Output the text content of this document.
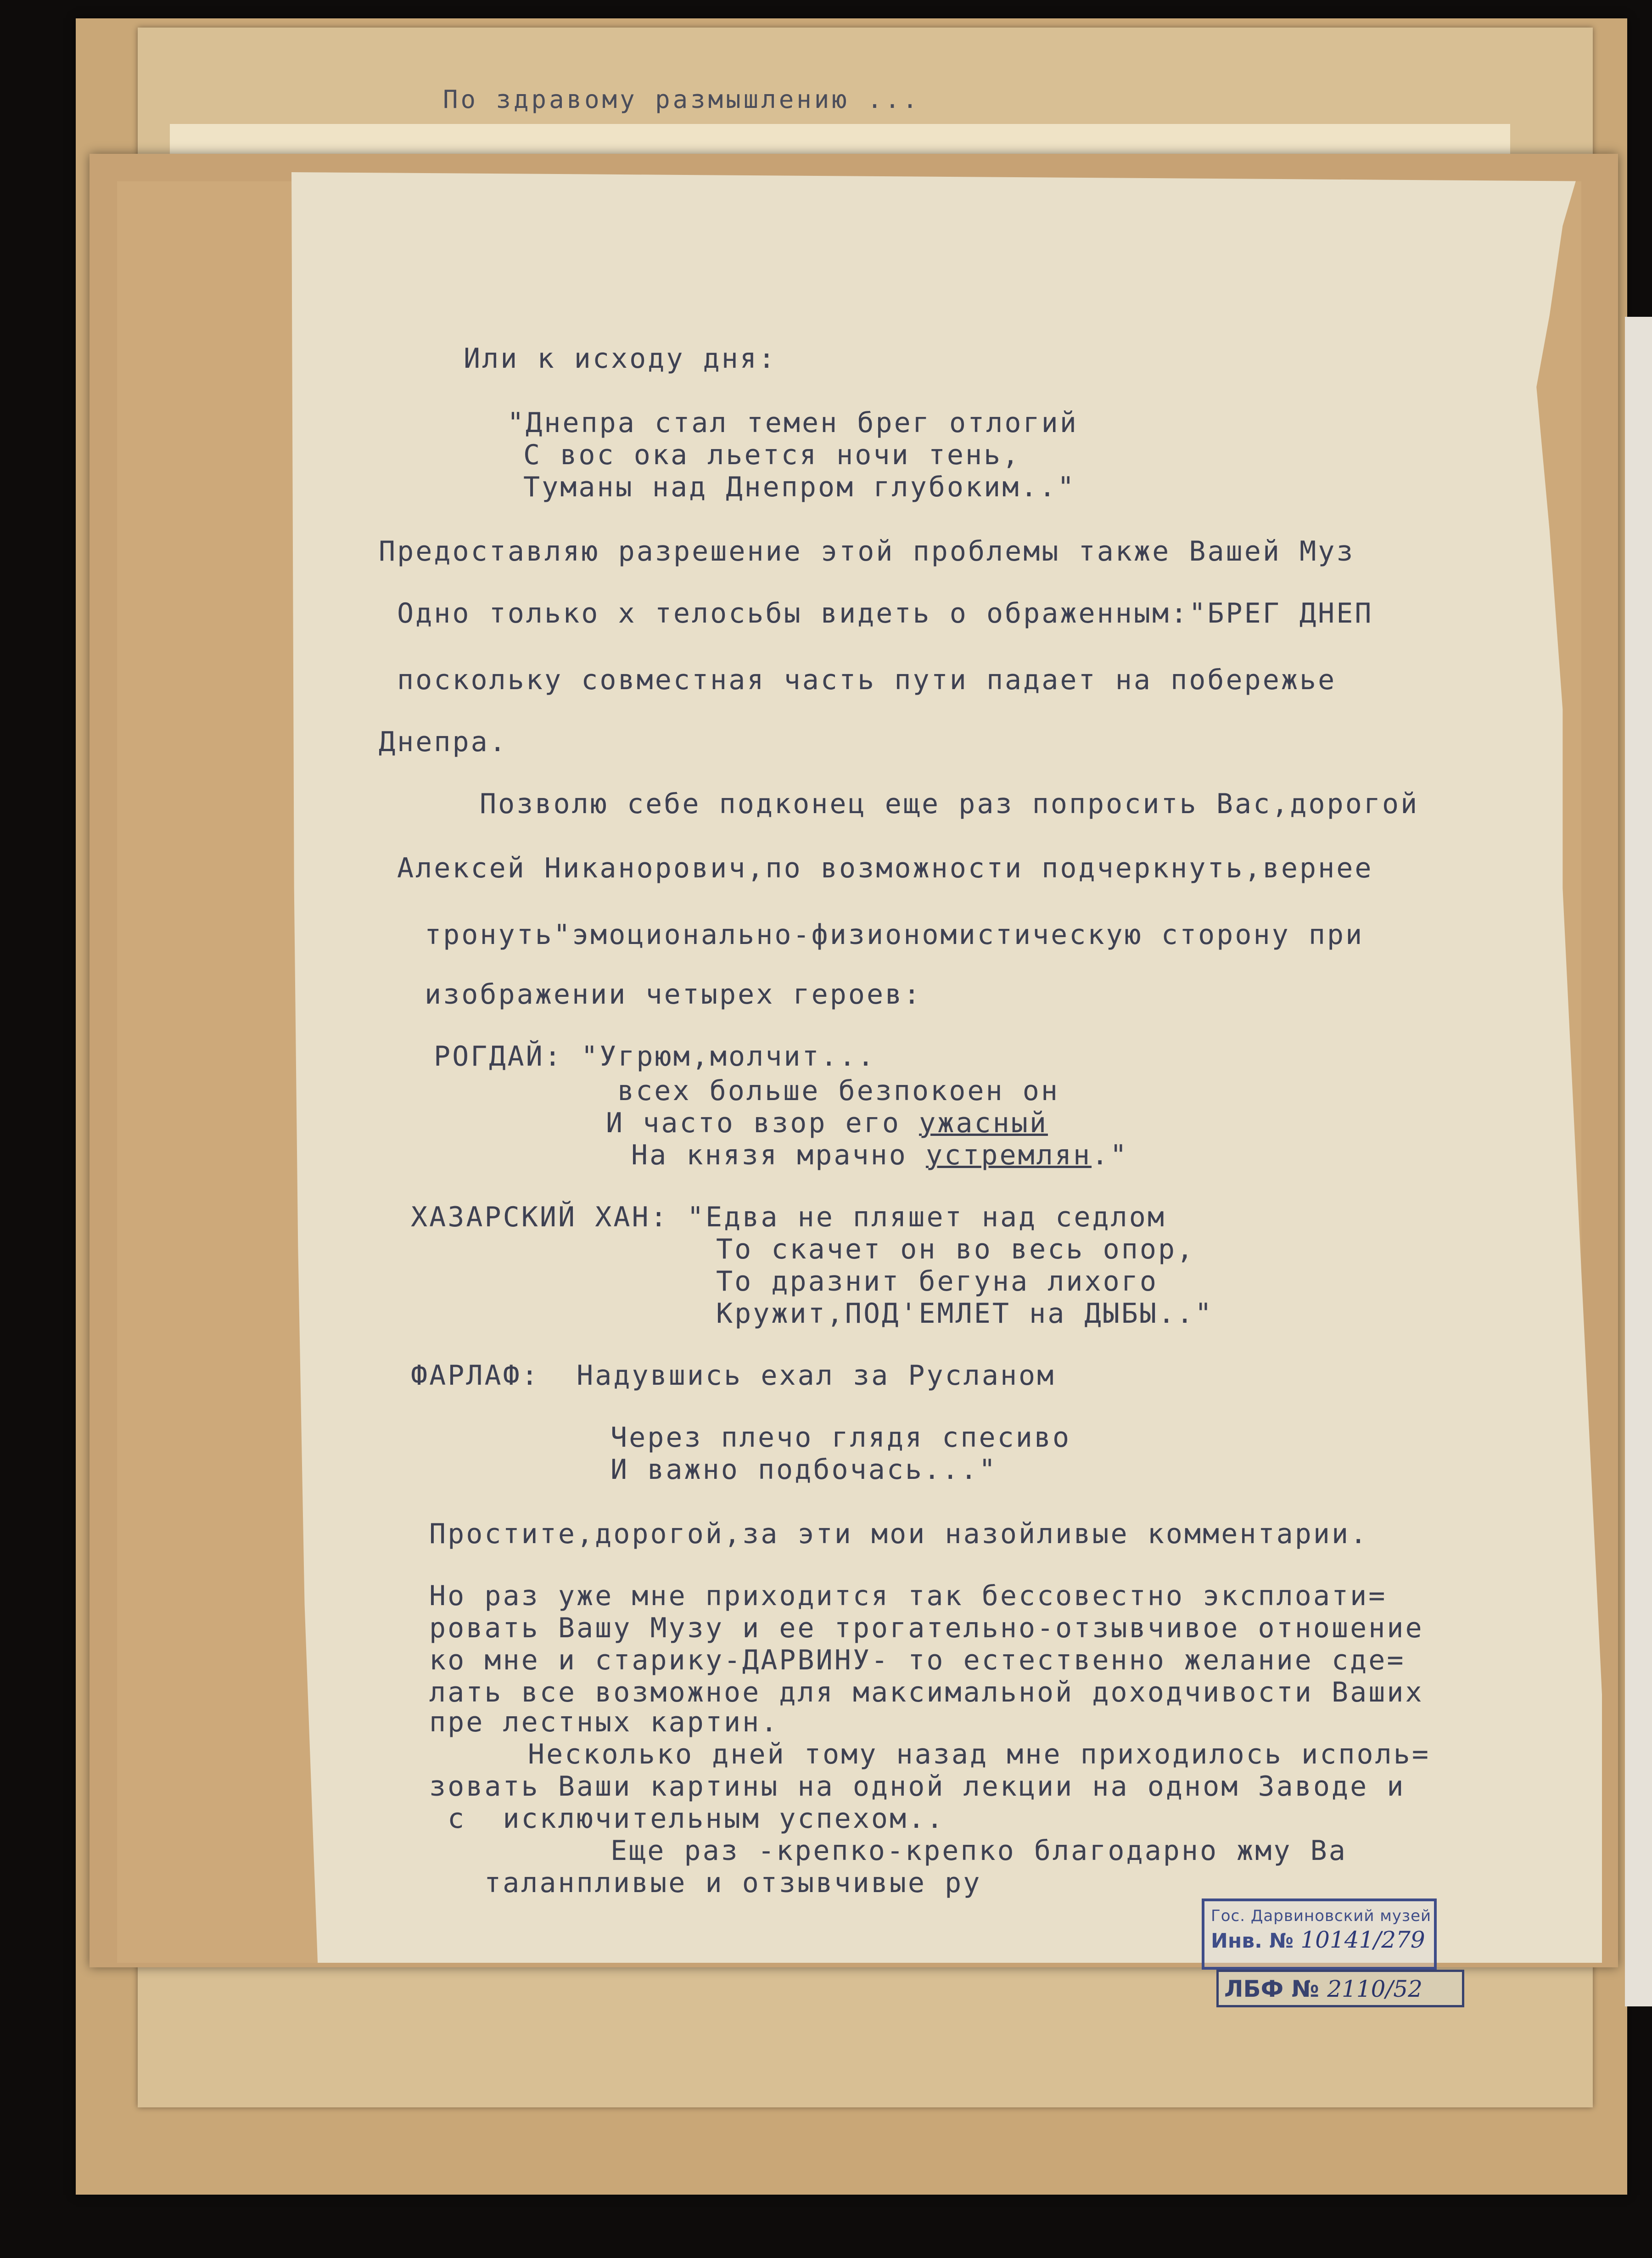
По здравому размышлению ...
Или к исходу дня:
"Днепра стал темен брег отлогий
С вос ока льется ночи тень,
Туманы над Днепром глубоким.."
Предоставляю разрешение этой проблемы также Вашей Муз
Одно только х телосьбы видеть о ображенным:"БРЕГ ДНЕП
поскольку совместная часть пути падает на побережье
Днепра.
Позволю себе подконец еще раз попросить Вас,дорогой
Алексей Никанорович,по возможности подчеркнуть,вернее
тронуть"эмоционально-физиономистическую сторону при
изображении четырех героев:
РОГДАЙ: "Угрюм,молчит...
всех больше безпокоен он
И часто взор его ужасный
На князя мрачно устремлян."
ХАЗАРСКИЙ ХАН: "Едва не пляшет над седлом
То скачет он во весь опор,
То дразнит бегуна лихого
Кружит,ПОД'ЕМЛЕТ на ДЫБЫ.."
ФАРЛАФ:  Надувшись ехал за Русланом
Через плечо глядя спесиво
И важно подбочась..."
Простите,дорогой,за эти мои назойливые комментарии.
Но раз уже мне приходится так бессовестно эксплоати=
ровать Вашу Музу и ее трогательно-отзывчивое отношение
ко мне и старику-ДАРВИНУ- то естественно желание сде=
лать все возможное для максимальной доходчивости Ваших
пре лестных картин.
Несколько дней тому назад мне приходилось исполь=
зовать Ваши картины на одной лекции на одном Заводе и
с  исключительным успехом..
Еще раз -крепко-крепко благодарно жму Ва
таланпливые и отзывчивые ру
Гос. Дарвиновский музей
Инв. № 10141/279
ЛБФ № 2110/52
